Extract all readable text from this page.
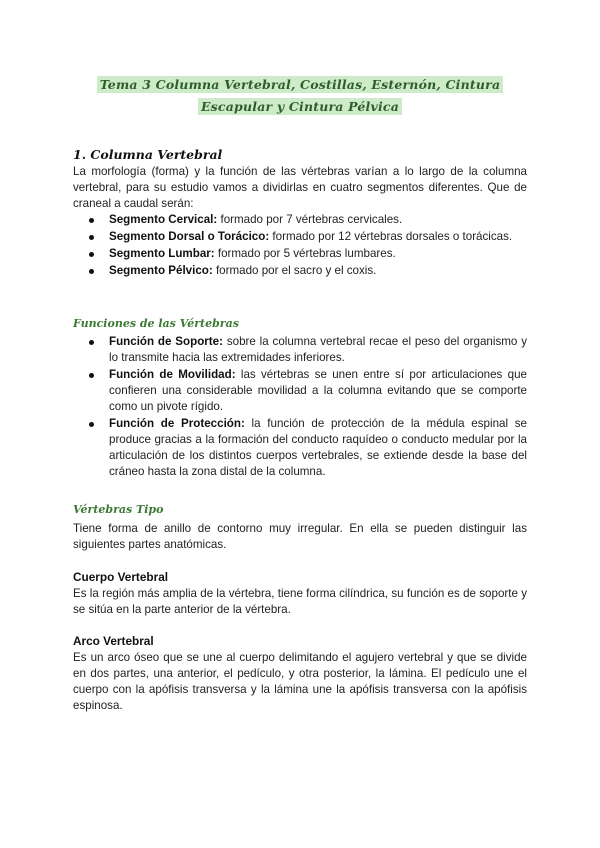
Tema 3 Columna Vertebral, Costillas, Esternón, Cintura
Escapular y Cintura Pélvica
1. Columna Vertebral

La morfología (forma) y la función de las vértebras varían a lo largo de la columna vertebral, para su estudio vamos a dividirlas en cuatro segmentos diferentes. Que de craneal a caudal serán:

Segmento Cervical: formado por 7 vértebras cervicales.
Segmento Dorsal o Torácico: formado por 12 vértebras dorsales o torácicas.
Segmento Lumbar: formado por 5 vértebras lumbares.
Segmento Pélvico: formado por el sacro y el coxis.
Funciones de las Vértebras
Función de Soporte: sobre la columna vertebral recae el peso del organismo y lo transmite hacia las extremidades inferiores.
Función de Movilidad: las vértebras se unen entre sí por articulaciones que confieren una considerable movilidad a la columna evitando que se comporte como un pivote rígido.
Función de Protección: la función de protección de la médula espinal se produce gracias a la formación del conducto raquídeo o conducto medular por la articulación de los distintos cuerpos vertebrales, se extiende desde la base del cráneo hasta la zona distal de la columna.
Vértebras Tipo

Tiene forma de anillo de contorno muy irregular. En ella se pueden distinguir las siguientes partes anatómicas.

Cuerpo Vertebral

Es la región más amplia de la vértebra, tiene forma cilíndrica, su función es de soporte y se sitúa en la parte anterior de la vértebra.

Arco Vertebral

Es un arco óseo que se une al cuerpo delimitando el agujero vertebral y que se divide en dos partes, una anterior, el pedículo, y otra posterior, la lámina. El pedículo une el cuerpo con la apófisis transversa y la lámina une la apófisis transversa con la apófisis espinosa.
